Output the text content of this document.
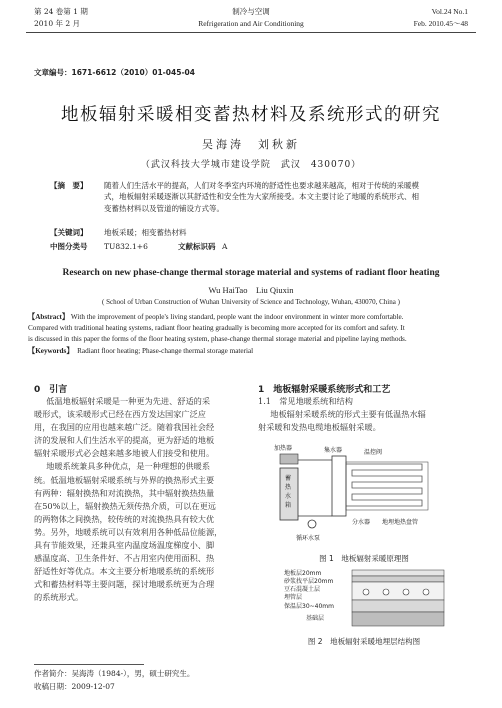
第 24 卷第 1 期
2010 年 2 月
制冷与空调
Refrigeration and Air Conditioning
Vol.24 No.1
Feb. 2010.45～48
文章编号：1671-6612（2010）01-045-04
地板辐射采暖相变蓄热材料及系统形式的研究
吴海涛　刘秋新
（武汉科技大学城市建设学院　武汉　430070）
【摘　要】 随着人们生活水平的提高，人们对冬季室内环境的舒适性也要求越来越高，相对于传统的采暖模
式，地板辐射采暖逐渐以其舒适性和安全性为大家所接受。本文主要讨论了地暖的系统形式、相
变蓄热材料以及管道的铺设方式等。
【关键词】 地板采暖；相变蓄热材料
中图分类号 TU832.1+6	文献标识码 A
Research on new phase-change thermal storage material and systems of radiant floor heating
Wu HaiTao　Liu Qiuxin
( School of Urban Construction of Wuhan University of Science and Technology, Wuhan, 430070, China )
【Abstract】 With the improvement of people's living standard, people want the indoor environment in winter more comfortable.
Compared with traditional heating systems, radiant floor heating gradually is becoming more accepted for its comfort and safety. It
is discussed in this paper the forms of the floor heating system, phase-change thermal storage material and pipeline laying methods.
【Keywords】 Radiant floor heating; Phase-change thermal storage material
0　引言
低温地板辐射采暖是一种更为先进、舒适的采
暖形式，该采暖形式已经在西方发达国家广泛应
用，在我国的应用也越来越广泛。随着我国社会经
济的发展和人们生活水平的提高，更为舒适的地板
辐射采暖形式必会越来越多地被人们接受和使用。
地暖系统兼具多种优点，是一种理想的供暖系
统。低温地板辐射采暖系统与外界的换热形式主要
有两种：辐射换热和对流换热，其中辐射换热热量
在50%以上，辐射换热无须传热介质，可以在更远
的两物体之间换热，较传统的对流换热具有较大优
势。另外，地暖系统可以有效利用各种低品位能源，
具有节能效果，还兼具室内温度场温度梯度小、脚
感温度高、卫生条件好、不占用室内使用面积、热
舒适性好等优点。本文主要分析地暖系统的系统形
式和蓄热材料等主要问题，探讨地暖系统更为合理
的系统形式。
1　地板辐射采暖系统形式和工艺
1.1　常见地暖系统和结构
地板辐射采暖系统的形式主要有低温热水辐
射采暖和发热电缆地板辐射采暖。
加热器	集水器	温控阀
蓄
热
水
箱
分水器 地埋地热盘管
循环水泵
图 1　地板辐射采暖原理图
地板层20mm
砂浆找平层20mm
豆石混凝土层
埋管层
保温层30~40mm
基础层
图 2　地板辐射采暖地埋层结构图
作者简介：吴海涛（1984-），男，硕士研究生。
收稿日期：2009-12-07
